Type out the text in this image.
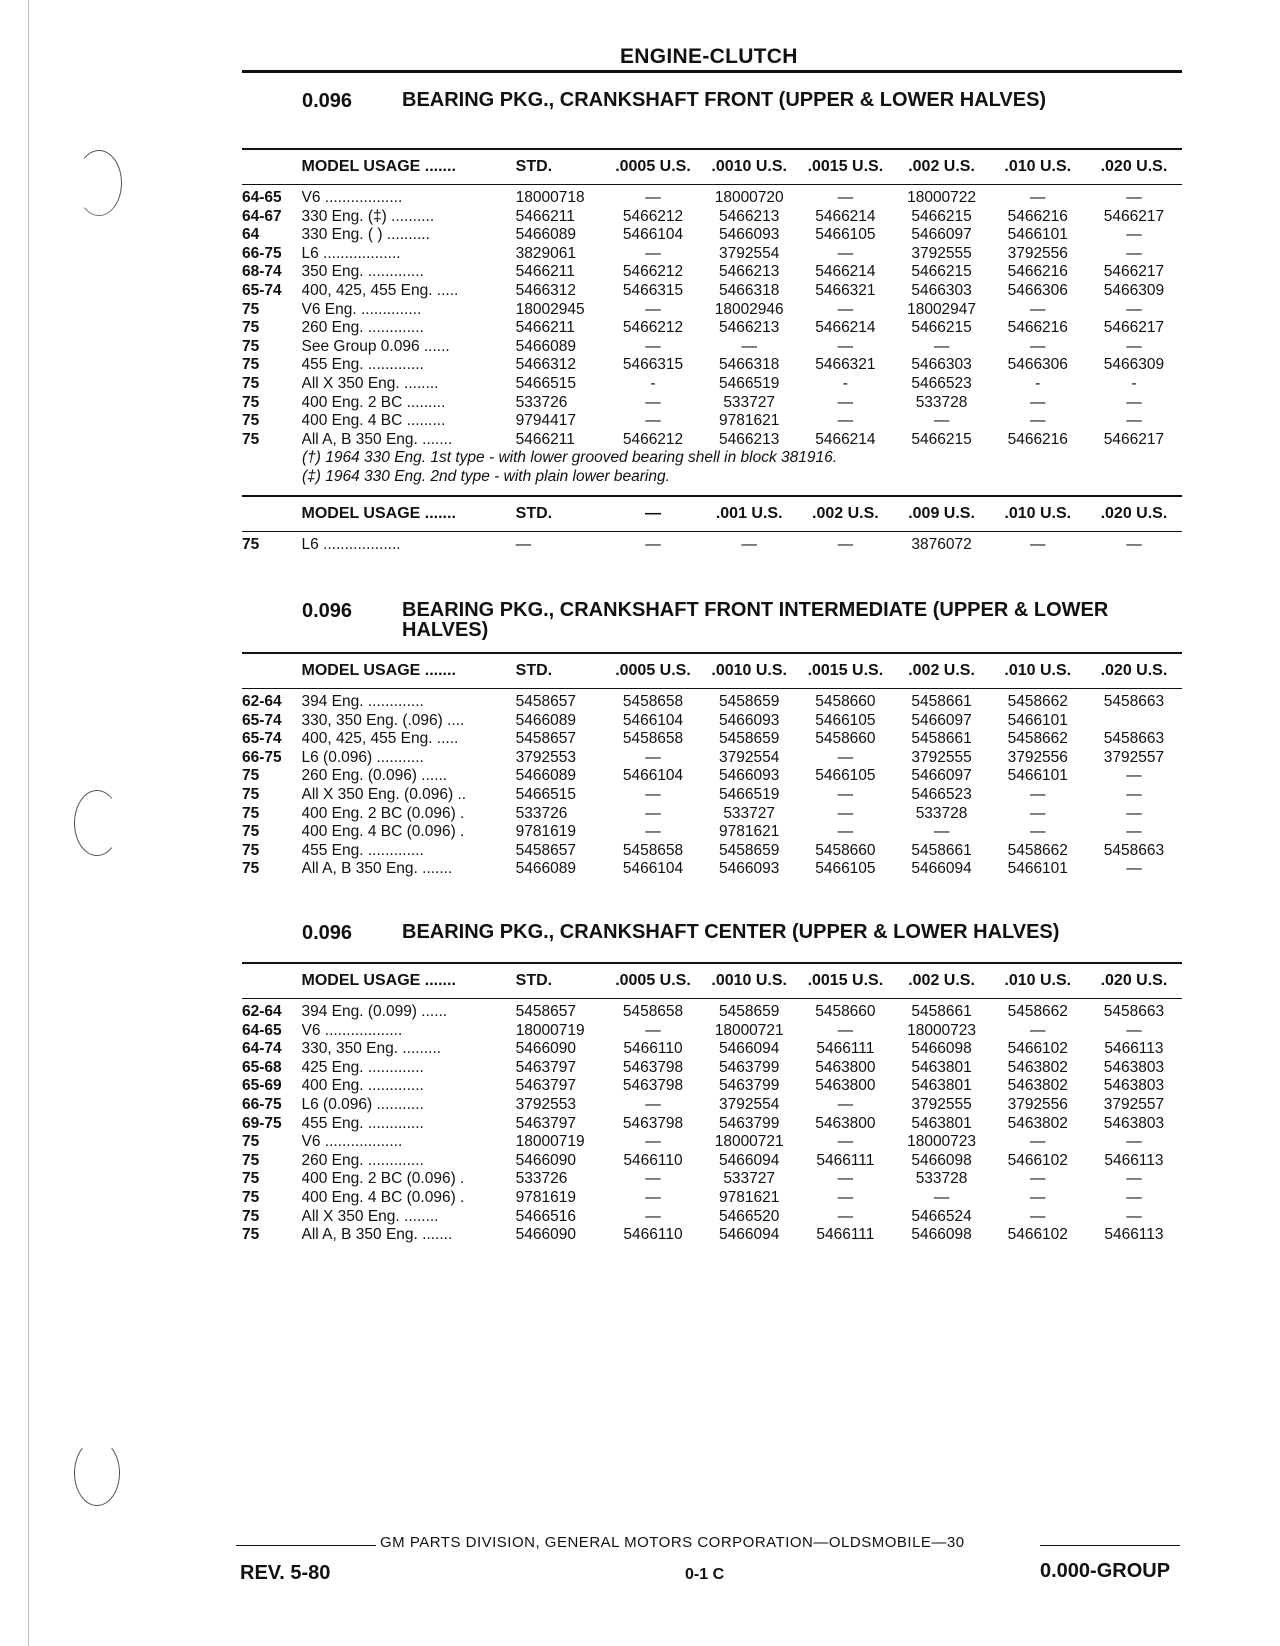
ENGINE-CLUTCH
0.096	BEARING PKG., CRANKSHAFT FRONT (UPPER & LOWER HALVES)
MODEL USAGE .......	STD.	.0005 U.S.	.0010 U.S.	.0015 U.S.	.002 U.S.	.010 U.S.	.020 U.S.
64-65	V6 ..................	18000718	—	18000720	—	18000722	—	—
64-67	330 Eng. (‡) ..........	5466211	5466212	5466213	5466214	5466215	5466216	5466217
64	330 Eng. ( ) ..........	5466089	5466104	5466093	5466105	5466097	5466101	—
66-75	L6 ..................	3829061	—	3792554	—	3792555	3792556	—
68-74	350 Eng. .............	5466211	5466212	5466213	5466214	5466215	5466216	5466217
65-74	400, 425, 455 Eng. .....	5466312	5466315	5466318	5466321	5466303	5466306	5466309
75	V6 Eng. ..............	18002945	—	18002946	—	18002947	—	—
75	260 Eng. .............	5466211	5466212	5466213	5466214	5466215	5466216	5466217
75	See Group 0.096 ......	5466089	—	—	—	—	—	—
75	455 Eng. .............	5466312	5466315	5466318	5466321	5466303	5466306	5466309
75	All X 350 Eng. ........	5466515	-	5466519	-	5466523	-	-
75	400 Eng. 2 BC .........	533726	—	533727	—	533728	—	—
75	400 Eng. 4 BC .........	9794417	—	9781621	—	—	—	—
75	All A, B 350 Eng. .......	5466211	5466212	5466213	5466214	5466215	5466216	5466217
(†) 1964 330 Eng. 1st type - with lower grooved bearing shell in block 381916.
(‡) 1964 330 Eng. 2nd type - with plain lower bearing.
MODEL USAGE .......	STD.	—	.001 U.S.	.002 U.S.	.009 U.S.	.010 U.S.	.020 U.S.
75	L6 ..................	—	—	—	—	3876072	—	—
0.096	BEARING PKG., CRANKSHAFT FRONT INTERMEDIATE (UPPER & LOWER HALVES)
MODEL USAGE .......	STD.	.0005 U.S.	.0010 U.S.	.0015 U.S.	.002 U.S.	.010 U.S.	.020 U.S.
62-64	394 Eng. .............	5458657	5458658	5458659	5458660	5458661	5458662	5458663
65-74	330, 350 Eng. (.096) ....	5466089	5466104	5466093	5466105	5466097	5466101
65-74	400, 425, 455 Eng. .....	5458657	5458658	5458659	5458660	5458661	5458662	5458663
66-75	L6 (0.096) ...........	3792553	—	3792554	—	3792555	3792556	3792557
75	260 Eng. (0.096) ......	5466089	5466104	5466093	5466105	5466097	5466101	—
75	All X 350 Eng. (0.096) ..	5466515	—	5466519	—	5466523	—	—
75	400 Eng. 2 BC (0.096) .	533726	—	533727	—	533728	—	—
75	400 Eng. 4 BC (0.096) .	9781619	—	9781621	—	—	—	—
75	455 Eng. .............	5458657	5458658	5458659	5458660	5458661	5458662	5458663
75	All A, B 350 Eng. .......	5466089	5466104	5466093	5466105	5466094	5466101	—
0.096	BEARING PKG., CRANKSHAFT CENTER (UPPER & LOWER HALVES)
MODEL USAGE .......	STD.	.0005 U.S.	.0010 U.S.	.0015 U.S.	.002 U.S.	.010 U.S.	.020 U.S.
62-64	394 Eng. (0.099) ......	5458657	5458658	5458659	5458660	5458661	5458662	5458663
64-65	V6 ..................	18000719	—	18000721	—	18000723	—	—
64-74	330, 350 Eng. .........	5466090	5466110	5466094	5466111	5466098	5466102	5466113
65-68	425 Eng. .............	5463797	5463798	5463799	5463800	5463801	5463802	5463803
65-69	400 Eng. .............	5463797	5463798	5463799	5463800	5463801	5463802	5463803
66-75	L6 (0.096) ...........	3792553	—	3792554	—	3792555	3792556	3792557
69-75	455 Eng. .............	5463797	5463798	5463799	5463800	5463801	5463802	5463803
75	V6 ..................	18000719	—	18000721	—	18000723	—	—
75	260 Eng. .............	5466090	5466110	5466094	5466111	5466098	5466102	5466113
75	400 Eng. 2 BC (0.096) .	533726	—	533727	—	533728	—	—
75	400 Eng. 4 BC (0.096) .	9781619	—	9781621	—	—	—	—
75	All X 350 Eng. ........	5466516	—	5466520	—	5466524	—	—
75	All A, B 350 Eng. .......	5466090	5466110	5466094	5466111	5466098	5466102	5466113
GM PARTS DIVISION, GENERAL MOTORS CORPORATION—OLDSMOBILE—30
REV. 5-80	0-1 C	0.000-GROUP
